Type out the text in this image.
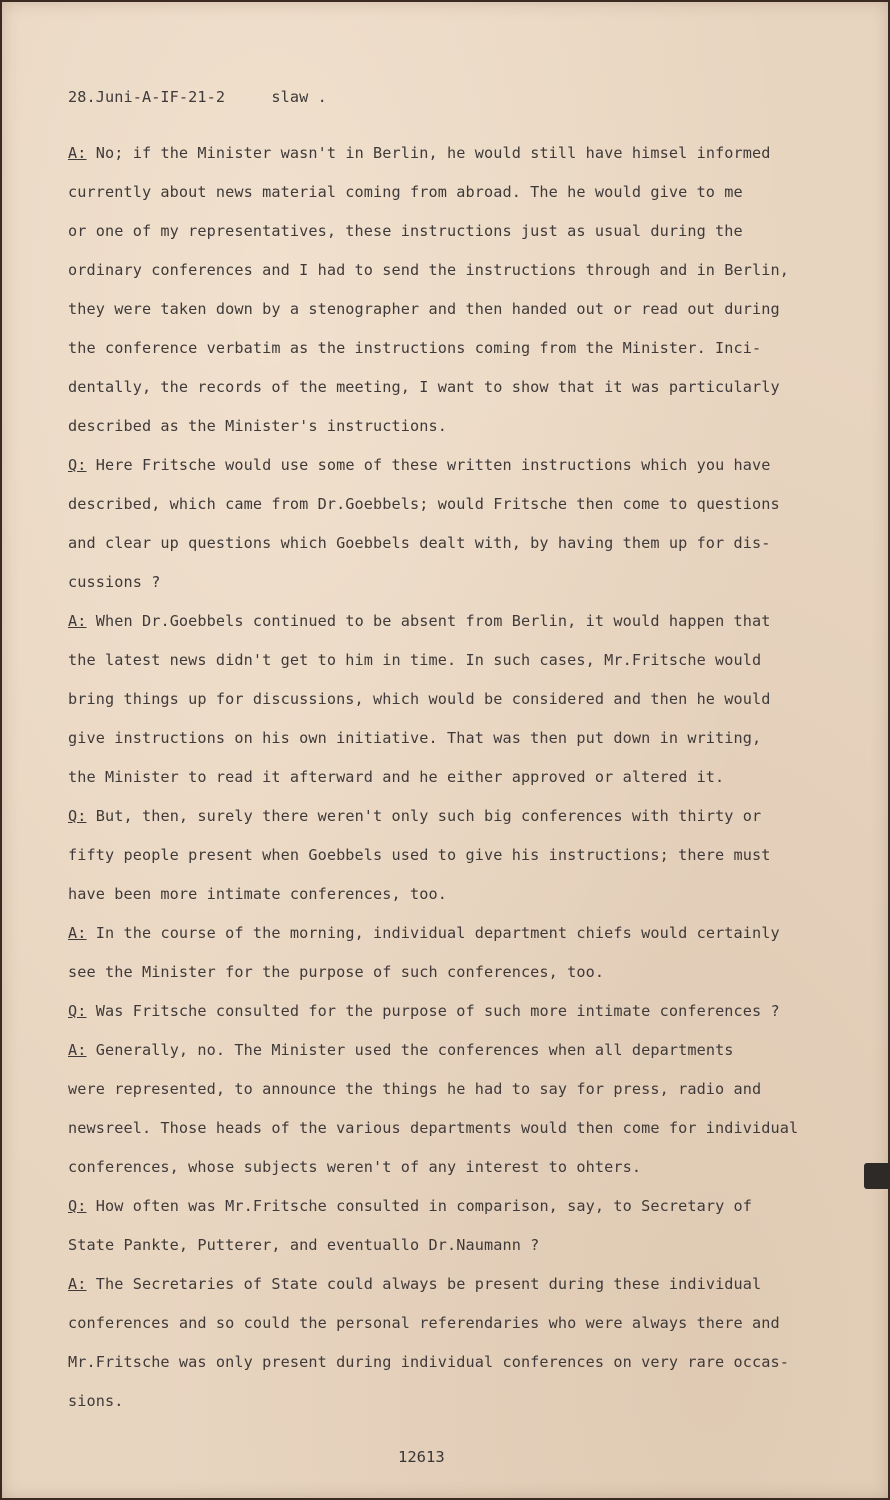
28.Juni-A-IF-21-2     slaw .

A: No; if the Minister wasn't in Berlin, he would still have himsel informed
currently about news material coming from abroad. The he would give to me
or one of my representatives, these instructions just as usual during the
ordinary conferences and I had to send the instructions through and in Berlin,
they were taken down by a stenographer and then handed out or read out during
the conference verbatim as the instructions coming from the Minister. Inci-
dentally, the records of the meeting, I want to show that it was particularly
described as the Minister's instructions.

Q: Here Fritsche would use some of these written instructions which you have
described, which came from Dr.Goebbels; would Fritsche then come to questions
and clear up questions which Goebbels dealt with, by having them up for dis-
cussions ?

A: When Dr.Goebbels continued to be absent from Berlin, it would happen that
the latest news didn't get to him in time. In such cases, Mr.Fritsche would
bring things up for discussions, which would be considered and then he would
give instructions on his own initiative. That was then put down in writing,
the Minister to read it afterward and he either approved or altered it.

Q: But, then, surely there weren't only such big conferences with thirty or
fifty people present when Goebbels used to give his instructions; there must
have been more intimate conferences, too.

A: In the course of the morning, individual department chiefs would certainly
see the Minister for the purpose of such conferences, too.

Q: Was Fritsche consulted for the purpose of such more intimate conferences ?

A: Generally, no. The Minister used the conferences when all departments
were represented, to announce the things he had to say for press, radio and
newsreel. Those heads of the various departments would then come for individual
conferences, whose subjects weren't of any interest to ohters.

Q: How often was Mr.Fritsche consulted in comparison, say, to Secretary of
State Pankte, Putterer, and eventuallo Dr.Naumann ?

A: The Secretaries of State could always be present during these individual
conferences and so could the personal referendaries who were always there and
Mr.Fritsche was only present during individual conferences on very rare occas-
sions.

12613
